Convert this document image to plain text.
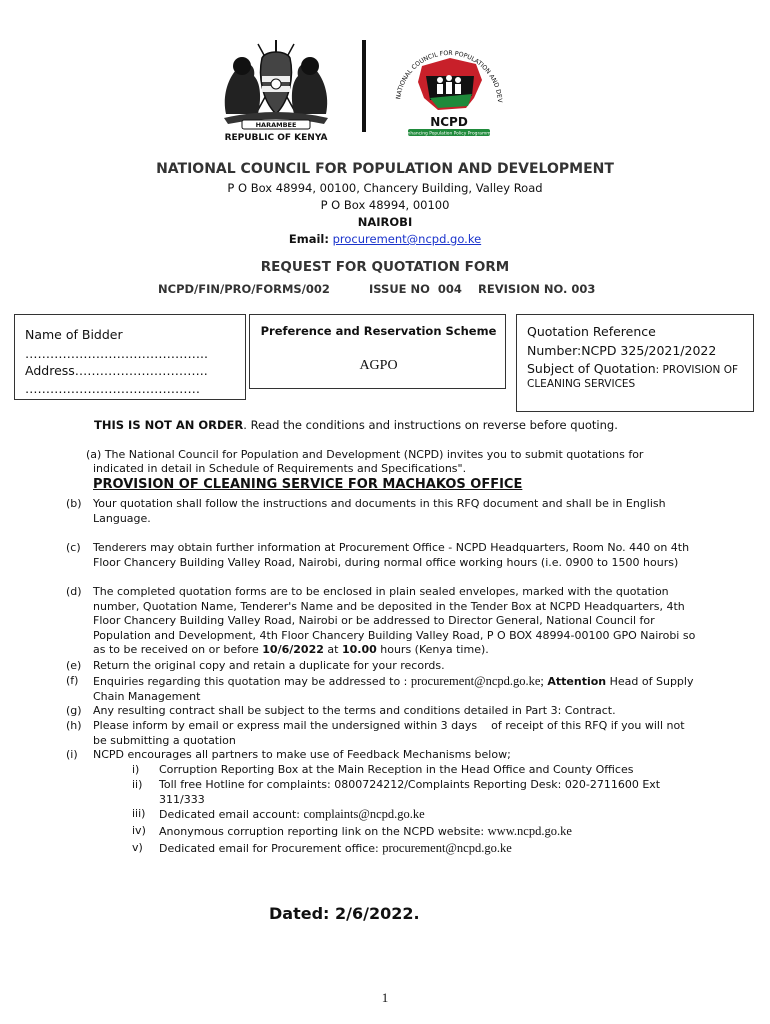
HARAMBEE
REPUBLIC OF KENYA
NATIONAL COUNCIL FOR POPULATION AND DEV
NCPD
Enhancing Population Policy Programme
NATIONAL COUNCIL FOR POPULATION AND DEVELOPMENT
P O Box 48994, 00100, Chancery Building, Valley Road
P O Box 48994, 00100
NAIROBI
Email: procurement@ncpd.go.ke
REQUEST FOR QUOTATION FORM
NCPD/FIN/PRO/FORMS/002	ISSUE NO  004 REVISION NO. 003
Name of Bidder
……………………………………..
Address…………………………..
……………………………………
Preference and Reservation Scheme
AGPO
Quotation Reference
Number:NCPD 325/2021/2022
Subject of Quotation: PROVISION OF
CLEANING SERVICES
THIS IS NOT AN ORDER. Read the conditions and instructions on reverse before quoting.
(a) The National Council for Population and Development (NCPD) invites you to submit quotations for
indicated in detail in Schedule of Requirements and Specifications".
PROVISION OF CLEANING SERVICE FOR MACHAKOS OFFICE
(b) Your quotation shall follow the instructions and documents in this RFQ document and shall be in English Language.
(c) Tenderers may obtain further information at Procurement Office - NCPD Headquarters, Room No. 440 on 4th Floor Chancery Building Valley Road, Nairobi, during normal office working hours (i.e. 0900 to 1500 hours)
(d) The completed quotation forms are to be enclosed in plain sealed envelopes, marked with the quotation number, Quotation Name, Tenderer's Name and be deposited in the Tender Box at NCPD Headquarters, 4th Floor Chancery Building Valley Road, Nairobi or be addressed to Director General, National Council for Population and Development, 4th Floor Chancery Building Valley Road, P O BOX 48994-00100 GPO Nairobi so as to be received on or before 10/6/2022 at 10.00 hours (Kenya time).
(e) Return the original copy and retain a duplicate for your records.
(f) Enquiries regarding this quotation may be addressed to : procurement@ncpd.go.ke; Attention Head of Supply Chain Management
(g) Any resulting contract shall be subject to the terms and conditions detailed in Part 3: Contract.
(h) Please inform by email or express mail the undersigned within 3 days    of receipt of this RFQ if you will not be submitting a quotation
(i) NCPD encourages all partners to make use of Feedback Mechanisms below;
i)	Corruption Reporting Box at the Main Reception in the Head Office and County Offices
ii)	Toll free Hotline for complaints: 0800724212/Complaints Reporting Desk: 020-2711600 Ext 311/333
iii)	Dedicated email account: complaints@ncpd.go.ke
iv)	Anonymous corruption reporting link on the NCPD website: www.ncpd.go.ke
v)	Dedicated email for Procurement office: procurement@ncpd.go.ke
Dated: 2/6/2022.
1
